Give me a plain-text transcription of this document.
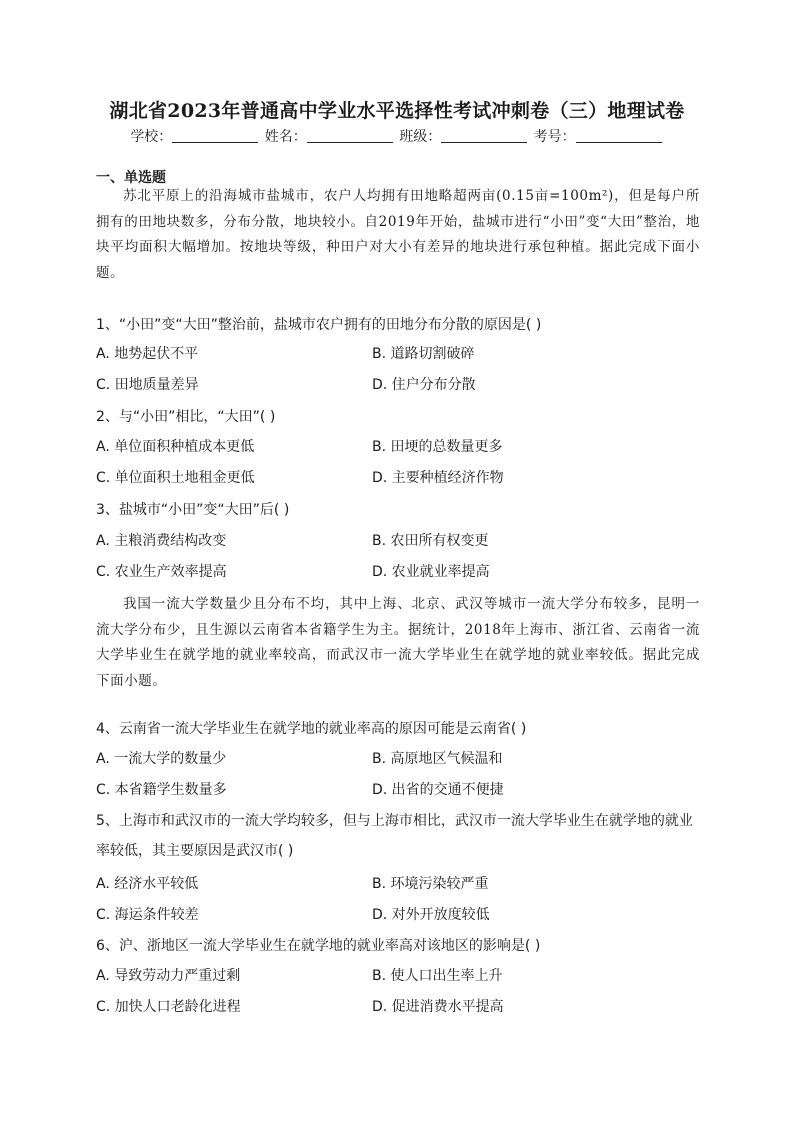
湖北省2023年普通高中学业水平选择性考试冲刺卷（三）地理试卷
学校：	姓名：	班级：	考号：
一、单选题
苏北平原上的沿海城市盐城市，农户人均拥有田地略超两亩(0.15亩=100m²)，但是每户所拥有的田地块数多，分布分散，地块较小。自2019年开始，盐城市进行“小田”变“大田”整治，地块平均面积大幅增加。按地块等级，种田户对大小有差异的地块进行承包种植。据此完成下面小题。
1、“小田”变“大田”整治前，盐城市农户拥有的田地分布分散的原因是( )
A. 地势起伏不平	B. 道路切割破碎
C. 田地质量差异	D. 住户分布分散
2、与“小田”相比，“大田”( )
A. 单位面积种植成本更低	B. 田埂的总数量更多
C. 单位面积土地租金更低	D. 主要种植经济作物
3、盐城市“小田”变“大田”后( )
A. 主粮消费结构改变	B. 农田所有权变更
C. 农业生产效率提高	D. 农业就业率提高
我国一流大学数量少且分布不均，其中上海、北京、武汉等城市一流大学分布较多，昆明一流大学分布少，且生源以云南省本省籍学生为主。据统计，2018年上海市、浙江省、云南省一流大学毕业生在就学地的就业率较高，而武汉市一流大学毕业生在就学地的就业率较低。据此完成下面小题。
4、云南省一流大学毕业生在就学地的就业率高的原因可能是云南省( )
A. 一流大学的数量少	B. 高原地区气候温和
C. 本省籍学生数量多	D. 出省的交通不便捷
5、上海市和武汉市的一流大学均较多，但与上海市相比，武汉市一流大学毕业生在就学地的就业率较低，其主要原因是武汉市( )
A. 经济水平较低	B. 环境污染较严重
C. 海运条件较差	D. 对外开放度较低
6、沪、浙地区一流大学毕业生在就学地的就业率高对该地区的影响是( )
A. 导致劳动力严重过剩	B. 使人口出生率上升
C. 加快人口老龄化进程	D. 促进消费水平提高
